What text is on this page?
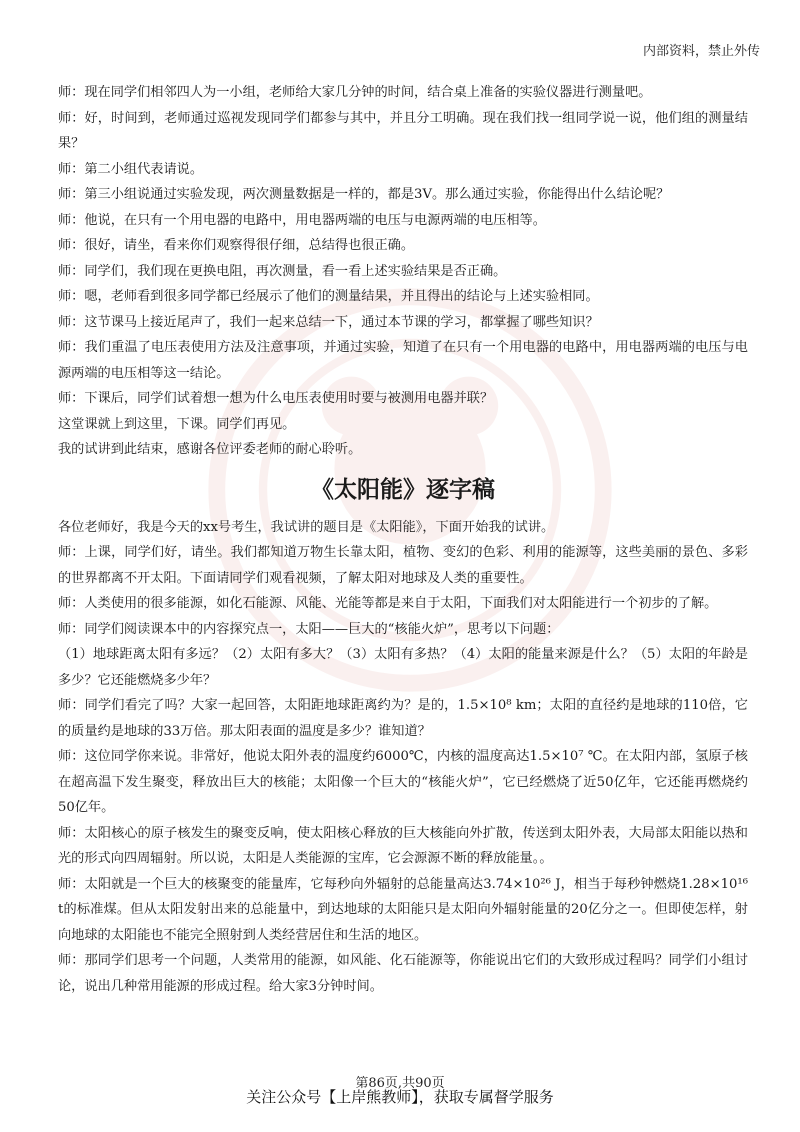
内部资料，禁止外传

师：现在同学们相邻四人为一小组，老师给大家几分钟的时间，结合桌上准备的实验仪器进行测量吧。

师：好，时间到，老师通过巡视发现同学们都参与其中，并且分工明确。现在我们找一组同学说一说，他们组的测量结果？

师：第二小组代表请说。

师：第三小组说通过实验发现，两次测量数据是一样的，都是3V。那么通过实验，你能得出什么结论呢？

师：他说，在只有一个用电器的电路中，用电器两端的电压与电源两端的电压相等。

师：很好，请坐，看来你们观察得很仔细，总结得也很正确。

师：同学们，我们现在更换电阻，再次测量，看一看上述实验结果是否正确。

师：嗯，老师看到很多同学都已经展示了他们的测量结果，并且得出的结论与上述实验相同。

师：这节课马上接近尾声了，我们一起来总结一下，通过本节课的学习，都掌握了哪些知识？

师：我们重温了电压表使用方法及注意事项，并通过实验，知道了在只有一个用电器的电路中，用电器两端的电压与电源两端的电压相等这一结论。

师：下课后，同学们试着想一想为什么电压表使用时要与被测用电器并联？

这堂课就上到这里，下课。同学们再见。

我的试讲到此结束，感谢各位评委老师的耐心聆听。

《太阳能》逐字稿

各位老师好，我是今天的xx号考生，我试讲的题目是《太阳能》，下面开始我的试讲。

师：上课，同学们好，请坐。我们都知道万物生长靠太阳，植物、变幻的色彩、利用的能源等，这些美丽的景色、多彩的世界都离不开太阳。下面请同学们观看视频，了解太阳对地球及人类的重要性。

师：人类使用的很多能源，如化石能源、风能、光能等都是来自于太阳，下面我们对太阳能进行一个初步的了解。

师：同学们阅读课本中的内容探究点一，太阳——巨大的“核能火炉”，思考以下问题：

（1）地球距离太阳有多远？（2）太阳有多大？（3）太阳有多热？（4）太阳的能量来源是什么？（5）太阳的年龄是多少？它还能燃烧多少年？

师：同学们看完了吗？大家一起回答，太阳距地球距离约为？是的，1.5×10⁸ km；太阳的直径约是地球的110倍，它的质量约是地球的33万倍。那太阳表面的温度是多少？谁知道？

师：这位同学你来说。非常好，他说太阳外表的温度约6000℃，内核的温度高达1.5×10⁷ ℃。在太阳内部，氢原子核在超高温下发生聚变，释放出巨大的核能；太阳像一个巨大的“核能火炉”，它已经燃烧了近50亿年，它还能再燃烧约50亿年。

师：太阳核心的原子核发生的聚变反响，使太阳核心释放的巨大核能向外扩散，传送到太阳外表，大局部太阳能以热和光的形式向四周辐射。所以说，太阳是人类能源的宝库，它会源源不断的释放能量。。

师：太阳就是一个巨大的核聚变的能量库，它每秒向外辐射的总能量高达3.74×10²⁶ J，相当于每秒钟燃烧1.28×10¹⁶ t的标准煤。但从太阳发射出来的总能量中，到达地球的太阳能只是太阳向外辐射能量的20亿分之一。但即使怎样，射向地球的太阳能也不能完全照射到人类经营居住和生活的地区。

师：那同学们思考一个问题，人类常用的能源，如风能、化石能源等，你能说出它们的大致形成过程吗？同学们小组讨论，说出几种常用能源的形成过程。给大家3分钟时间。

第86页,共90页
关注公众号【上岸熊教师】，获取专属督学服务
